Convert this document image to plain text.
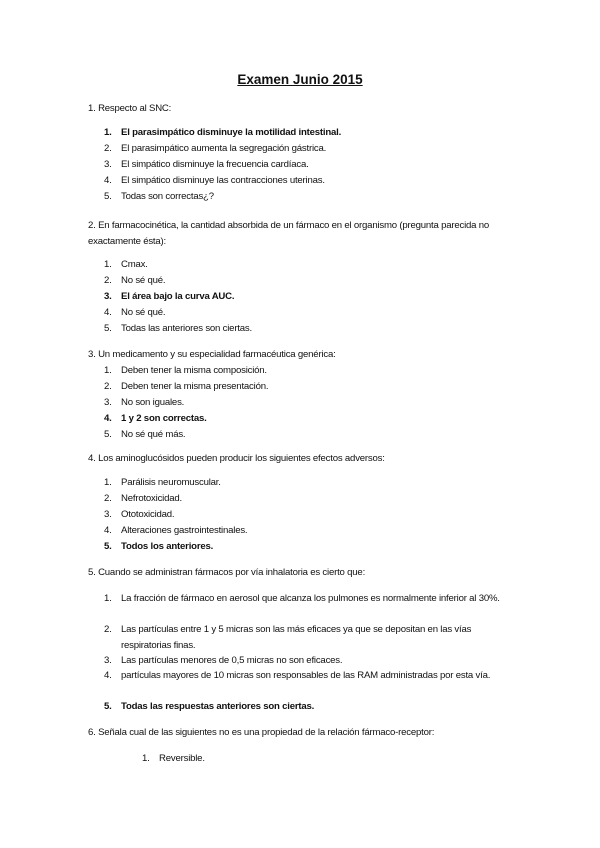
Examen Junio 2015
1. Respecto al SNC:
1. El parasimpático disminuye la motilidad intestinal.
2. El parasimpático aumenta la segregación gástrica.
3. El simpático disminuye la frecuencia cardíaca.
4. El simpático disminuye las contracciones uterinas.
5. Todas son correctas¿?
2. En farmacocinética, la cantidad absorbida de un fármaco en el organismo (pregunta parecida no exactamente ésta):
1. Cmax.
2. No sé qué.
3. El área bajo la curva AUC.
4. No sé qué.
5. Todas las anteriores son ciertas.
3. Un medicamento y su especialidad farmacéutica genérica:
1. Deben tener la misma composición.
2. Deben tener la misma presentación.
3. No son iguales.
4. 1 y 2 son correctas.
5. No sé qué más.
4. Los aminoglucósidos pueden producir los siguientes efectos adversos:
1. Parálisis neuromuscular.
2. Nefrotoxicidad.
3. Ototoxicidad.
4. Alteraciones gastrointestinales.
5. Todos los anteriores.
5. Cuando se administran fármacos por vía inhalatoria es cierto que:
1. La fracción de fármaco en aerosol que alcanza los pulmones es normalmente inferior al 30%.
2. Las partículas entre 1 y 5 micras son las más eficaces ya que se depositan en las vías respiratorias finas.
3. Las partículas menores de 0,5 micras no son eficaces.
4. partículas mayores de 10 micras son responsables de las RAM administradas por esta vía.
5. Todas las respuestas anteriores son ciertas.
6. Señala cual de las siguientes no es una propiedad de la relación fármaco-receptor:
1. Reversible.
